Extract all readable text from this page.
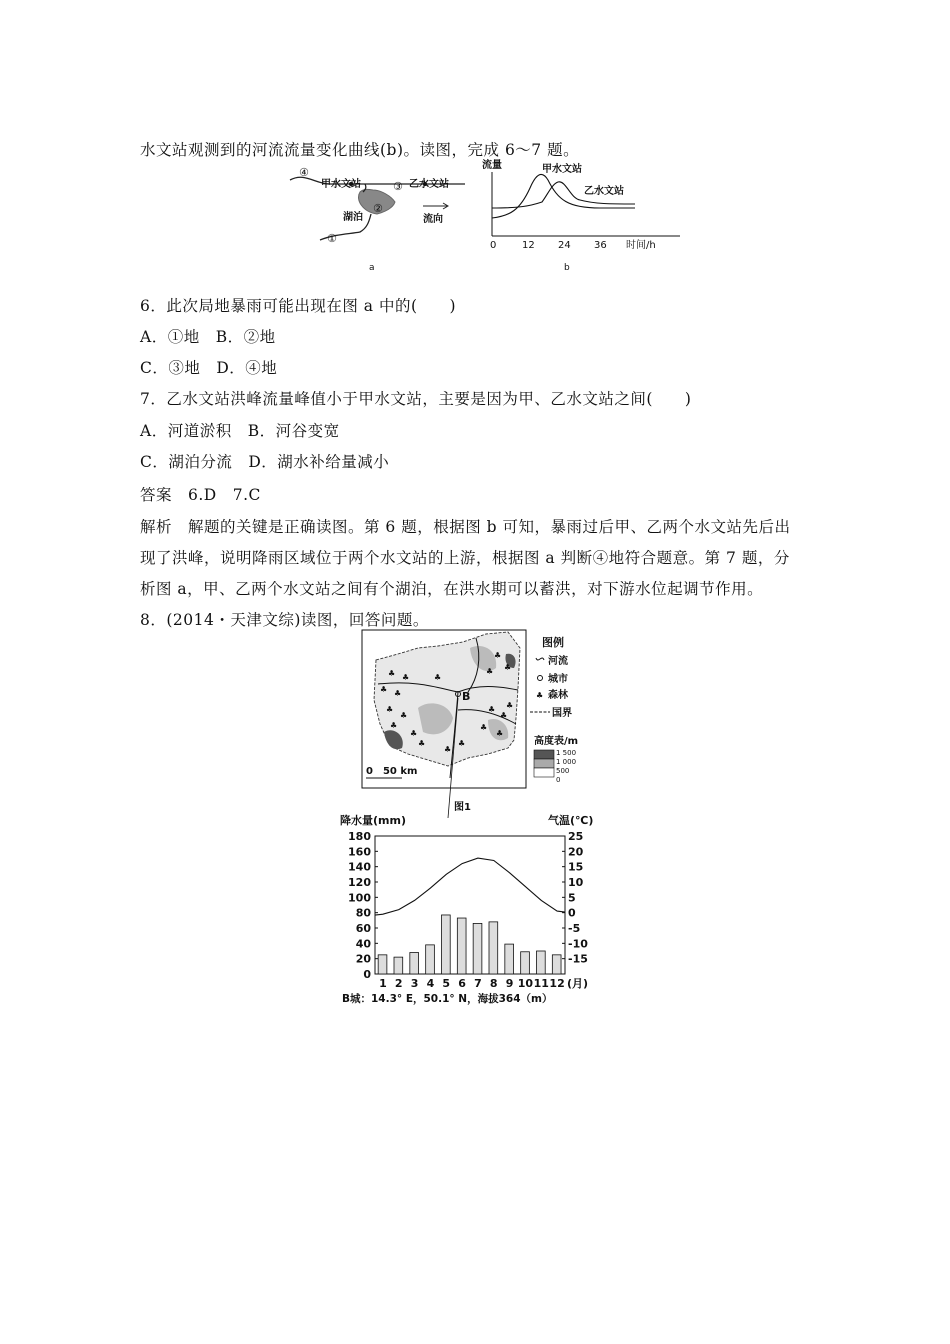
水文站观测到的河流流量变化曲线(b)。读图，完成 6～7 题。
④
甲水文站	③ 乙水文站
②
湖泊	流向
①
a
流量	甲水文站
乙水文站
0	12 24 36 时间/h
b
6．此次局地暴雨可能出现在图 a 中的(　　)
A．①地　B．②地
C．③地　D．④地
7．乙水文站洪峰流量峰值小于甲水文站，主要是因为甲、乙水文站之间(　　)
A．河道淤积　B．河谷变宽
C．湖泊分流　D．湖水补给量减小
答案　6.D　7.C
解析　解题的关键是正确读图。第 6 题，根据图 b 可知，暴雨过后甲、乙两个水文站先后出
现了洪峰，说明降雨区域位于两个水文站的上游，根据图 a 判断④地符合题意。第 7 题，分
析图 a，甲、乙两个水文站之间有个湖泊，在洪水期可以蓄洪，对下游水位起调节作用。
8．(2014・天津文综)读图，回答问题。
♣ ♣
♣ ♣
♣
♣
♣
♣
♣
♣
♣
♣
♣
♣
♣
♣
♣
♣
♣
♣
B
0　50 km
图例
河流
城市
♣ 森林
国界
高度表/m
1 500
1 000
500
0
图1
降水量(mm)	气温(℃)
0
20
40
60
80
100
120
140
160
180
-15
-10
-5
0
5
10
15
20
25
1 2 3 4 5 6 7 8 9 10 11 12 (月)
B城：14.3° E，50.1° N，海拔364（m）
